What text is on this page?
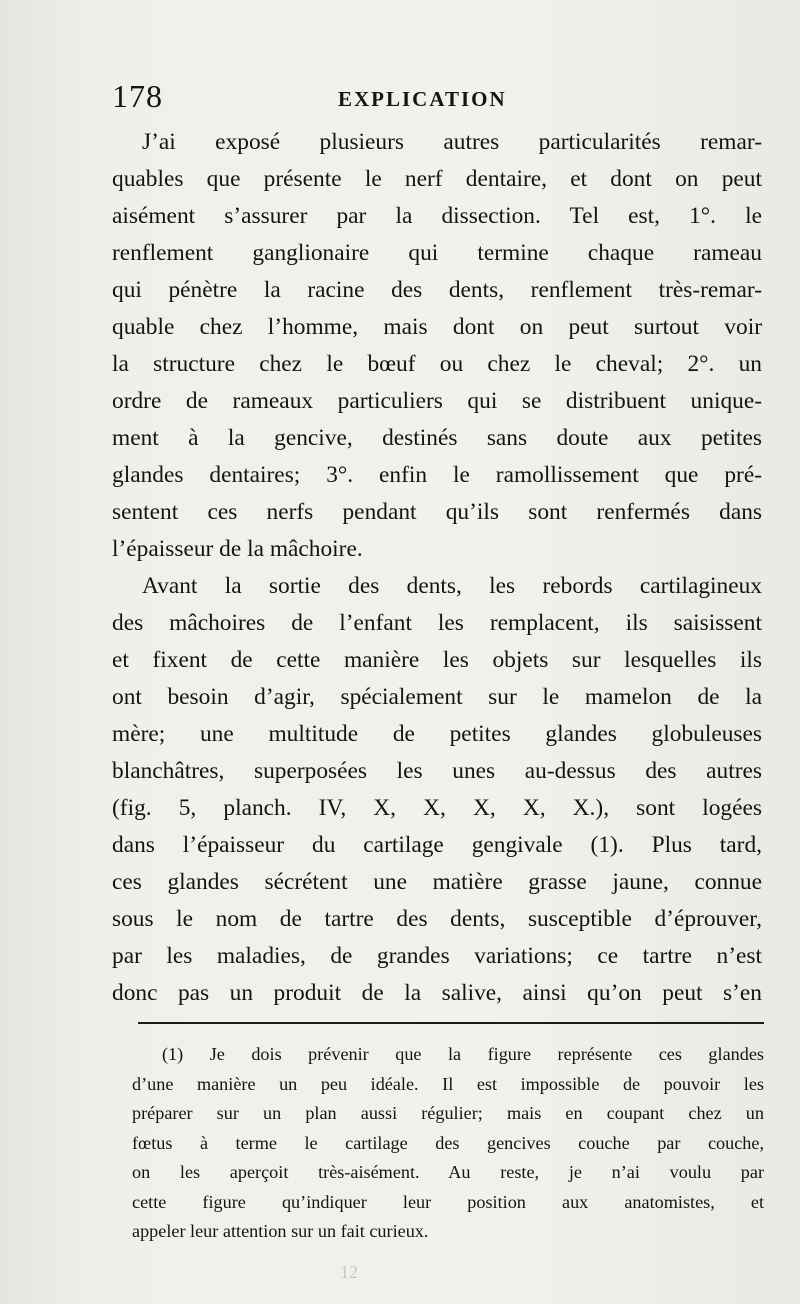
178	EXPLICATION
J’ai exposé plusieurs autres particularités remar-
quables que présente le nerf dentaire, et dont on peut
aisément s’assurer par la dissection. Tel est, 1°. le
renflement ganglionaire qui termine chaque rameau
qui pénètre la racine des dents, renflement très-remar-
quable chez l’homme, mais dont on peut surtout voir
la structure chez le bœuf ou chez le cheval; 2°. un
ordre de rameaux particuliers qui se distribuent unique-
ment à la gencive, destinés sans doute aux petites
glandes dentaires; 3°. enfin le ramollissement que pré-
sentent ces nerfs pendant qu’ils sont renfermés dans
l’épaisseur de la mâchoire.
Avant la sortie des dents, les rebords cartilagineux
des mâchoires de l’enfant les remplacent, ils saisissent
et fixent de cette manière les objets sur lesquelles ils
ont besoin d’agir, spécialement sur le mamelon de la
mère; une multitude de petites glandes globuleuses
blanchâtres, superposées les unes au-dessus des autres
(fig. 5, planch. IV, X, X, X, X, X.), sont logées
dans l’épaisseur du cartilage gengivale (1). Plus tard,
ces glandes sécrétent une matière grasse jaune, connue
sous le nom de tartre des dents, susceptible d’éprouver,
par les maladies, de grandes variations; ce tartre n’est
donc pas un produit de la salive, ainsi qu’on peut s’en
(1) Je dois prévenir que la figure représente ces glandes
d’une manière un peu idéale. Il est impossible de pouvoir les
préparer sur un plan aussi régulier; mais en coupant chez un
fœtus à terme le cartilage des gencives couche par couche,
on les aperçoit très-aisément. Au reste, je n’ai voulu par
cette figure qu’indiquer leur position aux anatomistes, et
appeler leur attention sur un fait curieux.
12
